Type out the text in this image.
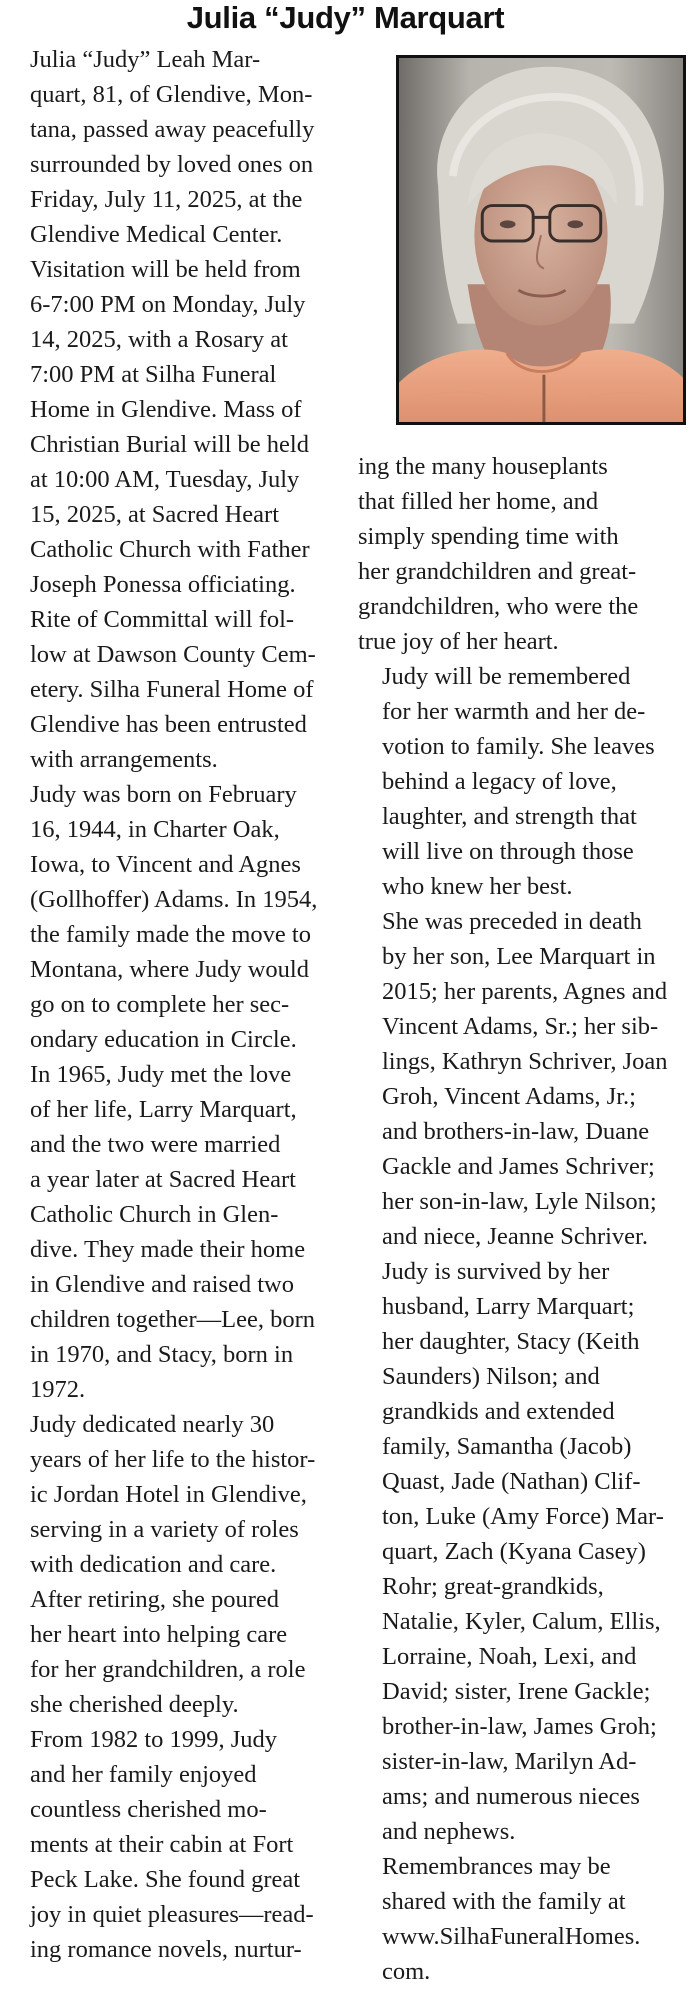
Julia “Judy” Marquart

Julia “Judy” Leah Mar-
quart, 81, of Glendive, Mon-
tana, passed away peacefully
surrounded by loved ones on
Friday, July 11, 2025, at the
Glendive Medical Center.
Visitation will be held from
6-7:00 PM on Monday, July
14, 2025, with a Rosary at
7:00 PM at Silha Funeral
Home in Glendive. Mass of
Christian Burial will be held
at 10:00 AM, Tuesday, July
15, 2025, at Sacred Heart
Catholic Church with Father
Joseph Ponessa officiating.
Rite of Committal will fol-
low at Dawson County Cem-
etery. Silha Funeral Home of
Glendive has been entrusted
with arrangements.

Judy was born on February
16, 1944, in Charter Oak,
Iowa, to Vincent and Agnes
(Gollhoffer) Adams. In 1954,
the family made the move to
Montana, where Judy would
go on to complete her sec-
ondary education in Circle.

In 1965, Judy met the love
of her life, Larry Marquart,
and the two were married
a year later at Sacred Heart
Catholic Church in Glen-
dive. They made their home
in Glendive and raised two
children together—Lee, born
in 1970, and Stacy, born in
1972.

Judy dedicated nearly 30
years of her life to the histor-
ic Jordan Hotel in Glendive,
serving in a variety of roles
with dedication and care.
After retiring, she poured
her heart into helping care
for her grandchildren, a role
she cherished deeply.

From 1982 to 1999, Judy
and her family enjoyed
countless cherished mo-
ments at their cabin at Fort
Peck Lake. She found great
joy in quiet pleasures—read-
ing romance novels, nurtur-

ing the many houseplants
that filled her home, and
simply spending time with
her grandchildren and great-
grandchildren, who were the
true joy of her heart.

Judy will be remembered
for her warmth and her de-
votion to family. She leaves
behind a legacy of love,
laughter, and strength that
will live on through those
who knew her best.

She was preceded in death
by her son, Lee Marquart in
2015; her parents, Agnes and
Vincent Adams, Sr.; her sib-
lings, Kathryn Schriver, Joan
Groh, Vincent Adams, Jr.;
and brothers-in-law, Duane
Gackle and James Schriver;
her son-in-law, Lyle Nilson;
and niece, Jeanne Schriver.

Judy is survived by her
husband, Larry Marquart;
her daughter, Stacy (Keith
Saunders) Nilson; and
grandkids and extended
family, Samantha (Jacob)
Quast, Jade (Nathan) Clif-
ton, Luke (Amy Force) Mar-
quart, Zach (Kyana Casey)
Rohr; great-grandkids,
Natalie, Kyler, Calum, Ellis,
Lorraine, Noah, Lexi, and
David; sister, Irene Gackle;
brother-in-law, James Groh;
sister-in-law, Marilyn Ad-
ams; and numerous nieces
and nephews.

Remembrances may be
shared with the family at
www.SilhaFuneralHomes.
com.
